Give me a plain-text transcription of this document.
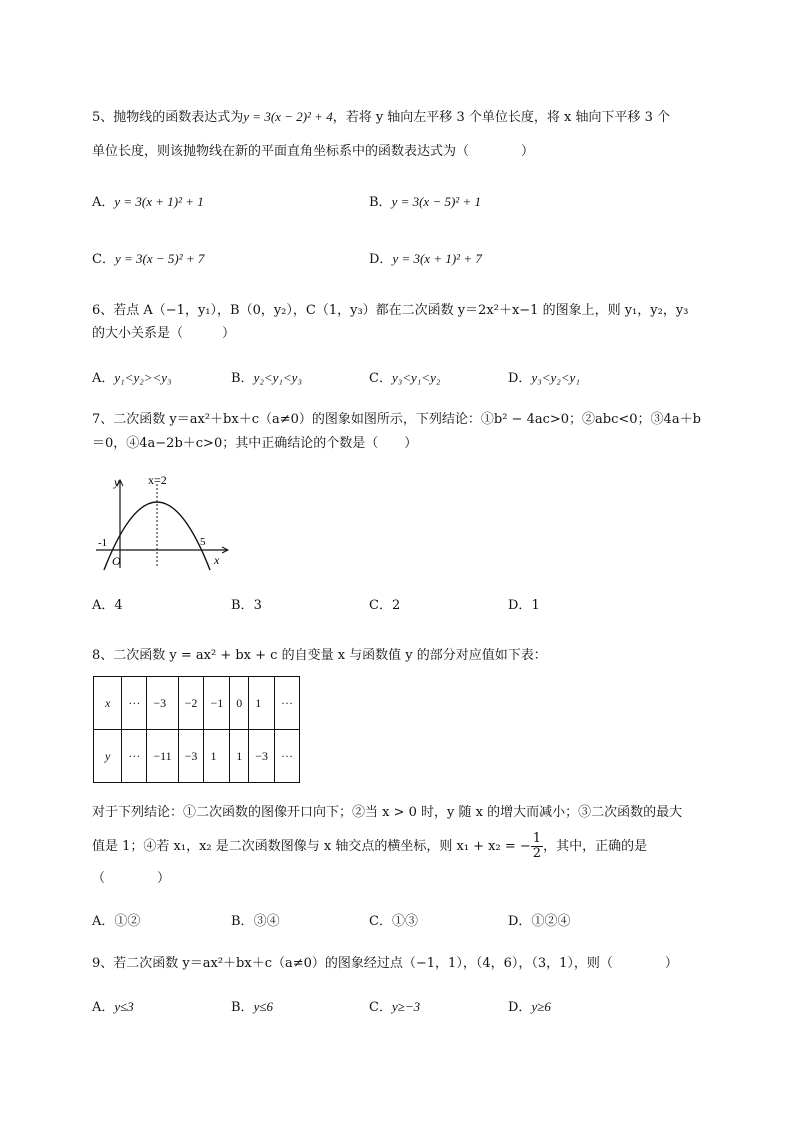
5、抛物线的函数表达式为y = 3(x − 2)² + 4，若将 y 轴向左平移 3 个单位长度，将 x 轴向下平移 3 个
单位长度，则该抛物线在新的平面直角坐标系中的函数表达式为（　　　　）
A．y = 3(x + 1)² + 1	B．y = 3(x − 5)² + 1
C．y = 3(x − 5)² + 7	D．y = 3(x + 1)² + 7
6、若点 A（−1，y₁），B（0，y₂），C（1，y₃）都在二次函数 y＝2x²＋x−1 的图象上，则 y₁，y₂，y₃
的大小关系是（　　　）
A．y₁<y₂><y₃	B．y₂<y₁<y₃	C．y₃<y₁<y₂	D．y₃<y₂<y₁
7、二次函数 y＝ax²＋bx＋c（a≠0）的图象如图所示，下列结论：①b² − 4ac>0；②abc<0；③4a＋b
＝0，④4a−2b＋c>0；其中正确结论的个数是（　　）
y
x
O
x=2
-1	5
A．4	B．3	C．2	D．1
8、二次函数 y = ax² + bx + c 的自变量 x 与函数值 y 的部分对应值如下表：
x	···	−3	−2	−1	0	1	···
y	···	−11	−3	1	1	−3	···
对于下列结论：①二次函数的图像开口向下；②当 x > 0 时，y 随 x 的增大而减小；③二次函数的最大
值是 1；④若 x₁，x₂ 是二次函数图像与 x 轴交点的横坐标，则 x₁ + x₂ = − $\frac{1}{2}$ ，其中，正确的是
（　　　　）
A．①②	B．③④	C．①③	D．①②④
9、若二次函数 y＝ax²＋bx＋c（a≠0）的图象经过点（−1，1），（4，6），（3，1），则（　　　　）
A．y≤3	B．y≤6	C．y≥−3	D．y≥6
